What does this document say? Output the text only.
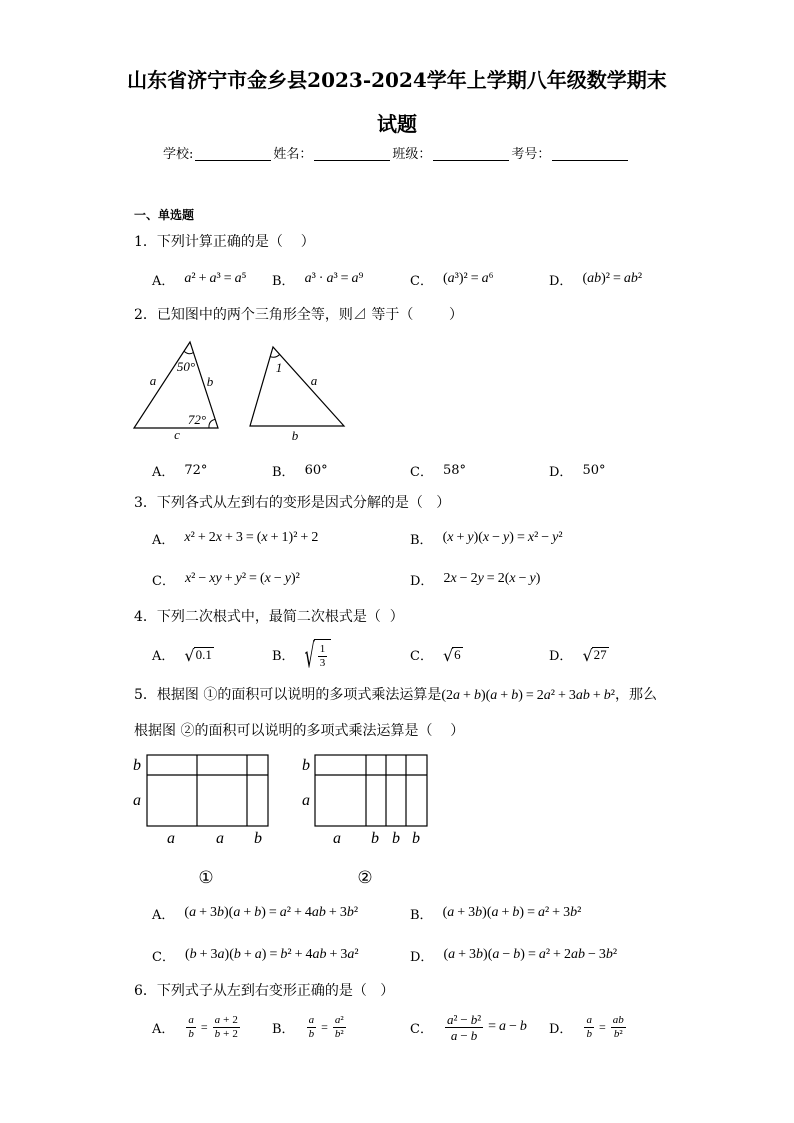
山东省济宁市金乡县2023-2024学年上学期八年级数学期末
试题
学校:	姓名：	班级：	考号：
一、单选题
1．下列计算正确的是（    ）
A． a² + a³ = a⁵ B． a³ · a³ = a⁹	C． (a³)² = a⁶	D． (ab)² = ab²
2．已知图中的两个三角形全等，则⊿ 等于（        ）
50°
a	b
72°
c
1
a
b
A． 72°	B． 60°	C． 58°	D． 50°
3．下列各式从左到右的变形是因式分解的是（   ）
A． x² + 2x + 3 = (x + 1)² + 2	B． (x + y)(x − y) = x² − y²
C． x² − xy + y² = (x − y)²	D． 2x − 2y = 2(x − y)
4．下列二次根式中，最简二次根式是（  ）
A． √ 0.1	B． √ $\frac{1}{3}$	C． √ 6	D． √ 27
5．根据图 ①的面积可以说明的多项式乘法运算是(2a + b)(a + b) = 2a² + 3ab + b²，那么
根据图 ②的面积可以说明的多项式乘法运算是（    ）
b
a
a	a b
①
b
a
a b b b
②
A． (a + 3b)(a + b) = a² + 4ab + 3b²	B． (a + 3b)(a + b) = a² + 3b²
C． (b + 3a)(b + a) = b² + 4ab + 3a²	D． (a + 3b)(a − b) = a² + 2ab − 3b²
6．下列式子从左到右变形正确的是（   ）
A． $\frac{a}{b} = \frac{a + 2}{b + 2}$ B． $\frac{a}{b} = \frac{\text{a²}}{\text{b²}}$	C． $\frac{\text{a² − b²}}{a - b} = a - b$ D． $\frac{a}{b} = \frac{ab}{\text{b²}}$
